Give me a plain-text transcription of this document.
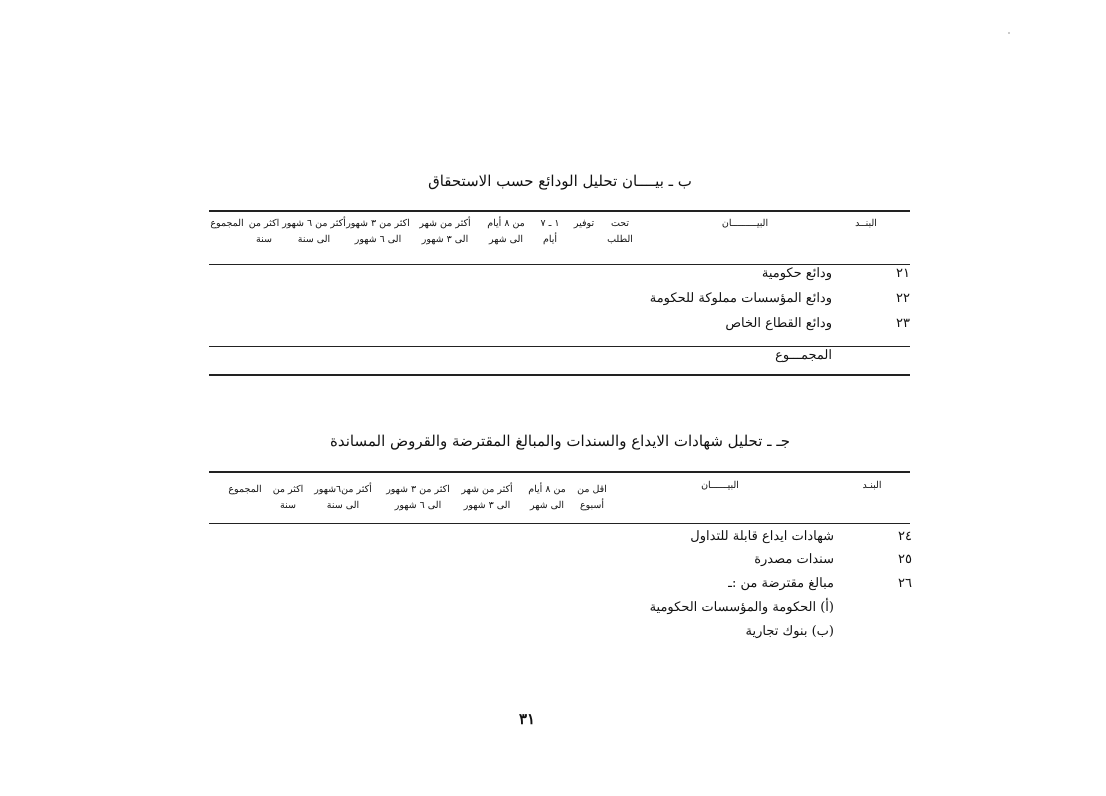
ب ـ بيــــان تحليل الودائع حسب الاستحقاق
البنــد
البيـــــــــان
تحت
الطلب
توفير
١ ـ ٧
أيام
من ٨ أيام
الى شهر
أكثر من شهر
الى ٣ شهور
اكثر من ٣ شهور
الى ٦ شهور
أكثر من ٦ شهور
الى سنة
اكثر من
سنة
المجموع
٢١
ودائع حكومية
٢٢
ودائع المؤسسات مملوكة للحكومة
٢٣
ودائع القطاع الخاص
المجمـــوع
جـ ـ تحليل شهادات الايداع والسندات والمبالغ المقترضة والقروض المساندة
البنـد
البيــــــان
اقل من
أسبوع
من ٨ أيام
الى شهر
أكثر من شهر
الى ٣ شهور
اكثر من ٣ شهور
الى ٦ شهور
أكثر من٦شهور
الى سنة
اكثر من
سنة
المجموع
٢٤
شهادات ايداع قابلة للتداول
٢٥
سندات مصدرة
٢٦
مبالغ مقترضة من :ـ
(أ) الحكومة والمؤسسات الحكومية
(ب) بنوك تجارية
٣١
